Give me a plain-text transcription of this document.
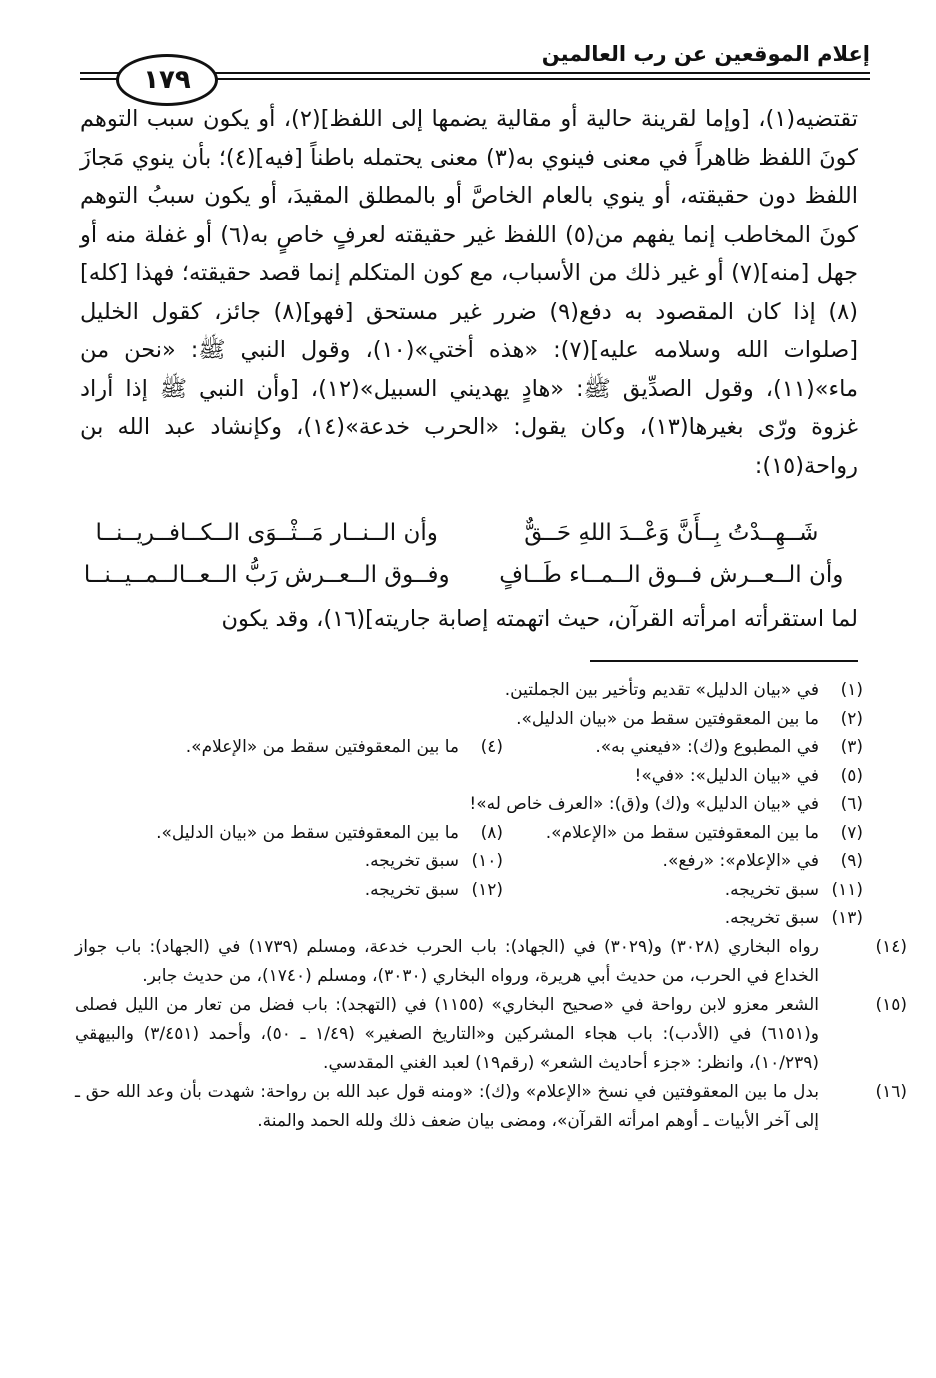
إعلام الموقعين عن رب العالمين
١٧٩

تقتضيه(١)، [وإما لقرينة حالية أو مقالية يضمها إلى اللفظ](٢)، أو يكون سبب التوهم كونَ اللفظ ظاهراً في معنى فينوي به(٣) معنى يحتمله باطناً [فيه](٤)؛ بأن ينوي مَجازَ اللفظ دون حقيقته، أو ينوي بالعام الخاصَّ أو بالمطلق المقيدَ، أو يكون سببُ التوهم كونَ المخاطب إنما يفهم من(٥) اللفظ غير حقيقته لعرفٍ خاصٍ به(٦) أو غفلة منه أو جهل [منه](٧) أو غير ذلك من الأسباب، مع كون المتكلم إنما قصد حقيقته؛ فهذا [كله](٨) إذا كان المقصود به دفع(٩) ضرر غير مستحق [فهو](٨) جائز، كقول الخليل [صلوات الله وسلامه عليه](٧): «هذه أختي»(١٠)، وقول النبي ﷺ: «نحن من ماء»(١١)، وقول الصدِّيق ﷺ: «هادٍ يهديني السبيل»(١٢)، [وأن النبي ﷺ إذا أراد غزوة ورّى بغيرها(١٣)، وكان يقول: «الحرب خدعة»(١٤)، وكإنشاد عبد الله بن رواحة(١٥):

شَــهِــدْتُ بِــأَنَّ وَعْــدَ اللهِ حَــقٌّ
وأن الــنــار مَــثْــوَى الــكــافــريــنــا
وأن الــعــرش فــوق الــمــاء طَــافٍ
وفــوق الــعــرش رَبُّ الــعــالــمــيــنــا
لما استقرأته امرأته القرآن، حيث اتهمته إصابة جاريته](١٦)، وقد يكون
(١)في «بيان الدليل» تقديم وتأخير بين الجملتين.
(٢)ما بين المعقوفتين سقط من «بيان الدليل».
(٣)في المطبوع و(ك): «فيعني به».
(٤)ما بين المعقوفتين سقط من «الإعلام».
(٥)في «بيان الدليل»: «في»!
(٦)في «بيان الدليل» و(ك) و(ق): «العرف خاص له»!
(٧)ما بين المعقوفتين سقط من «الإعلام».
(٨)ما بين المعقوفتين سقط من «بيان الدليل».
(٩)في «الإعلام»: «رفع».
(١٠)سبق تخريجه.
(١١)سبق تخريجه.
(١٢)سبق تخريجه.
(١٣)سبق تخريجه.
(١٤)رواه البخاري (٣٠٢٨) و(٣٠٢٩) في (الجهاد): باب الحرب خدعة، ومسلم (١٧٣٩) في (الجهاد): باب جواز الخداع في الحرب، من حديث أبي هريرة، ورواه البخاري (٣٠٣٠)، ومسلم (١٧٤٠)، من حديث جابر.
(١٥)الشعر معزو لابن رواحة في «صحيح البخاري» (١١٥٥) في (التهجد): باب فضل من تعار من الليل فصلى و(٦١٥١) في (الأدب): باب هجاء المشركين و«التاريخ الصغير» (١/٤٩ ـ ٥٠)، وأحمد (٣/٤٥١) والبيهقي (١٠/٢٣٩)، وانظر: «جزء أحاديث الشعر» (رقم١٩) لعبد الغني المقدسي.
(١٦)بدل ما بين المعقوفتين في نسخ «الإعلام» و(ك): «ومنه قول عبد الله بن رواحة: شهدت بأن وعد الله حق ـ إلى آخر الأبيات ـ أوهم امرأته القرآن»، ومضى بيان ضعف ذلك ولله الحمد والمنة.
